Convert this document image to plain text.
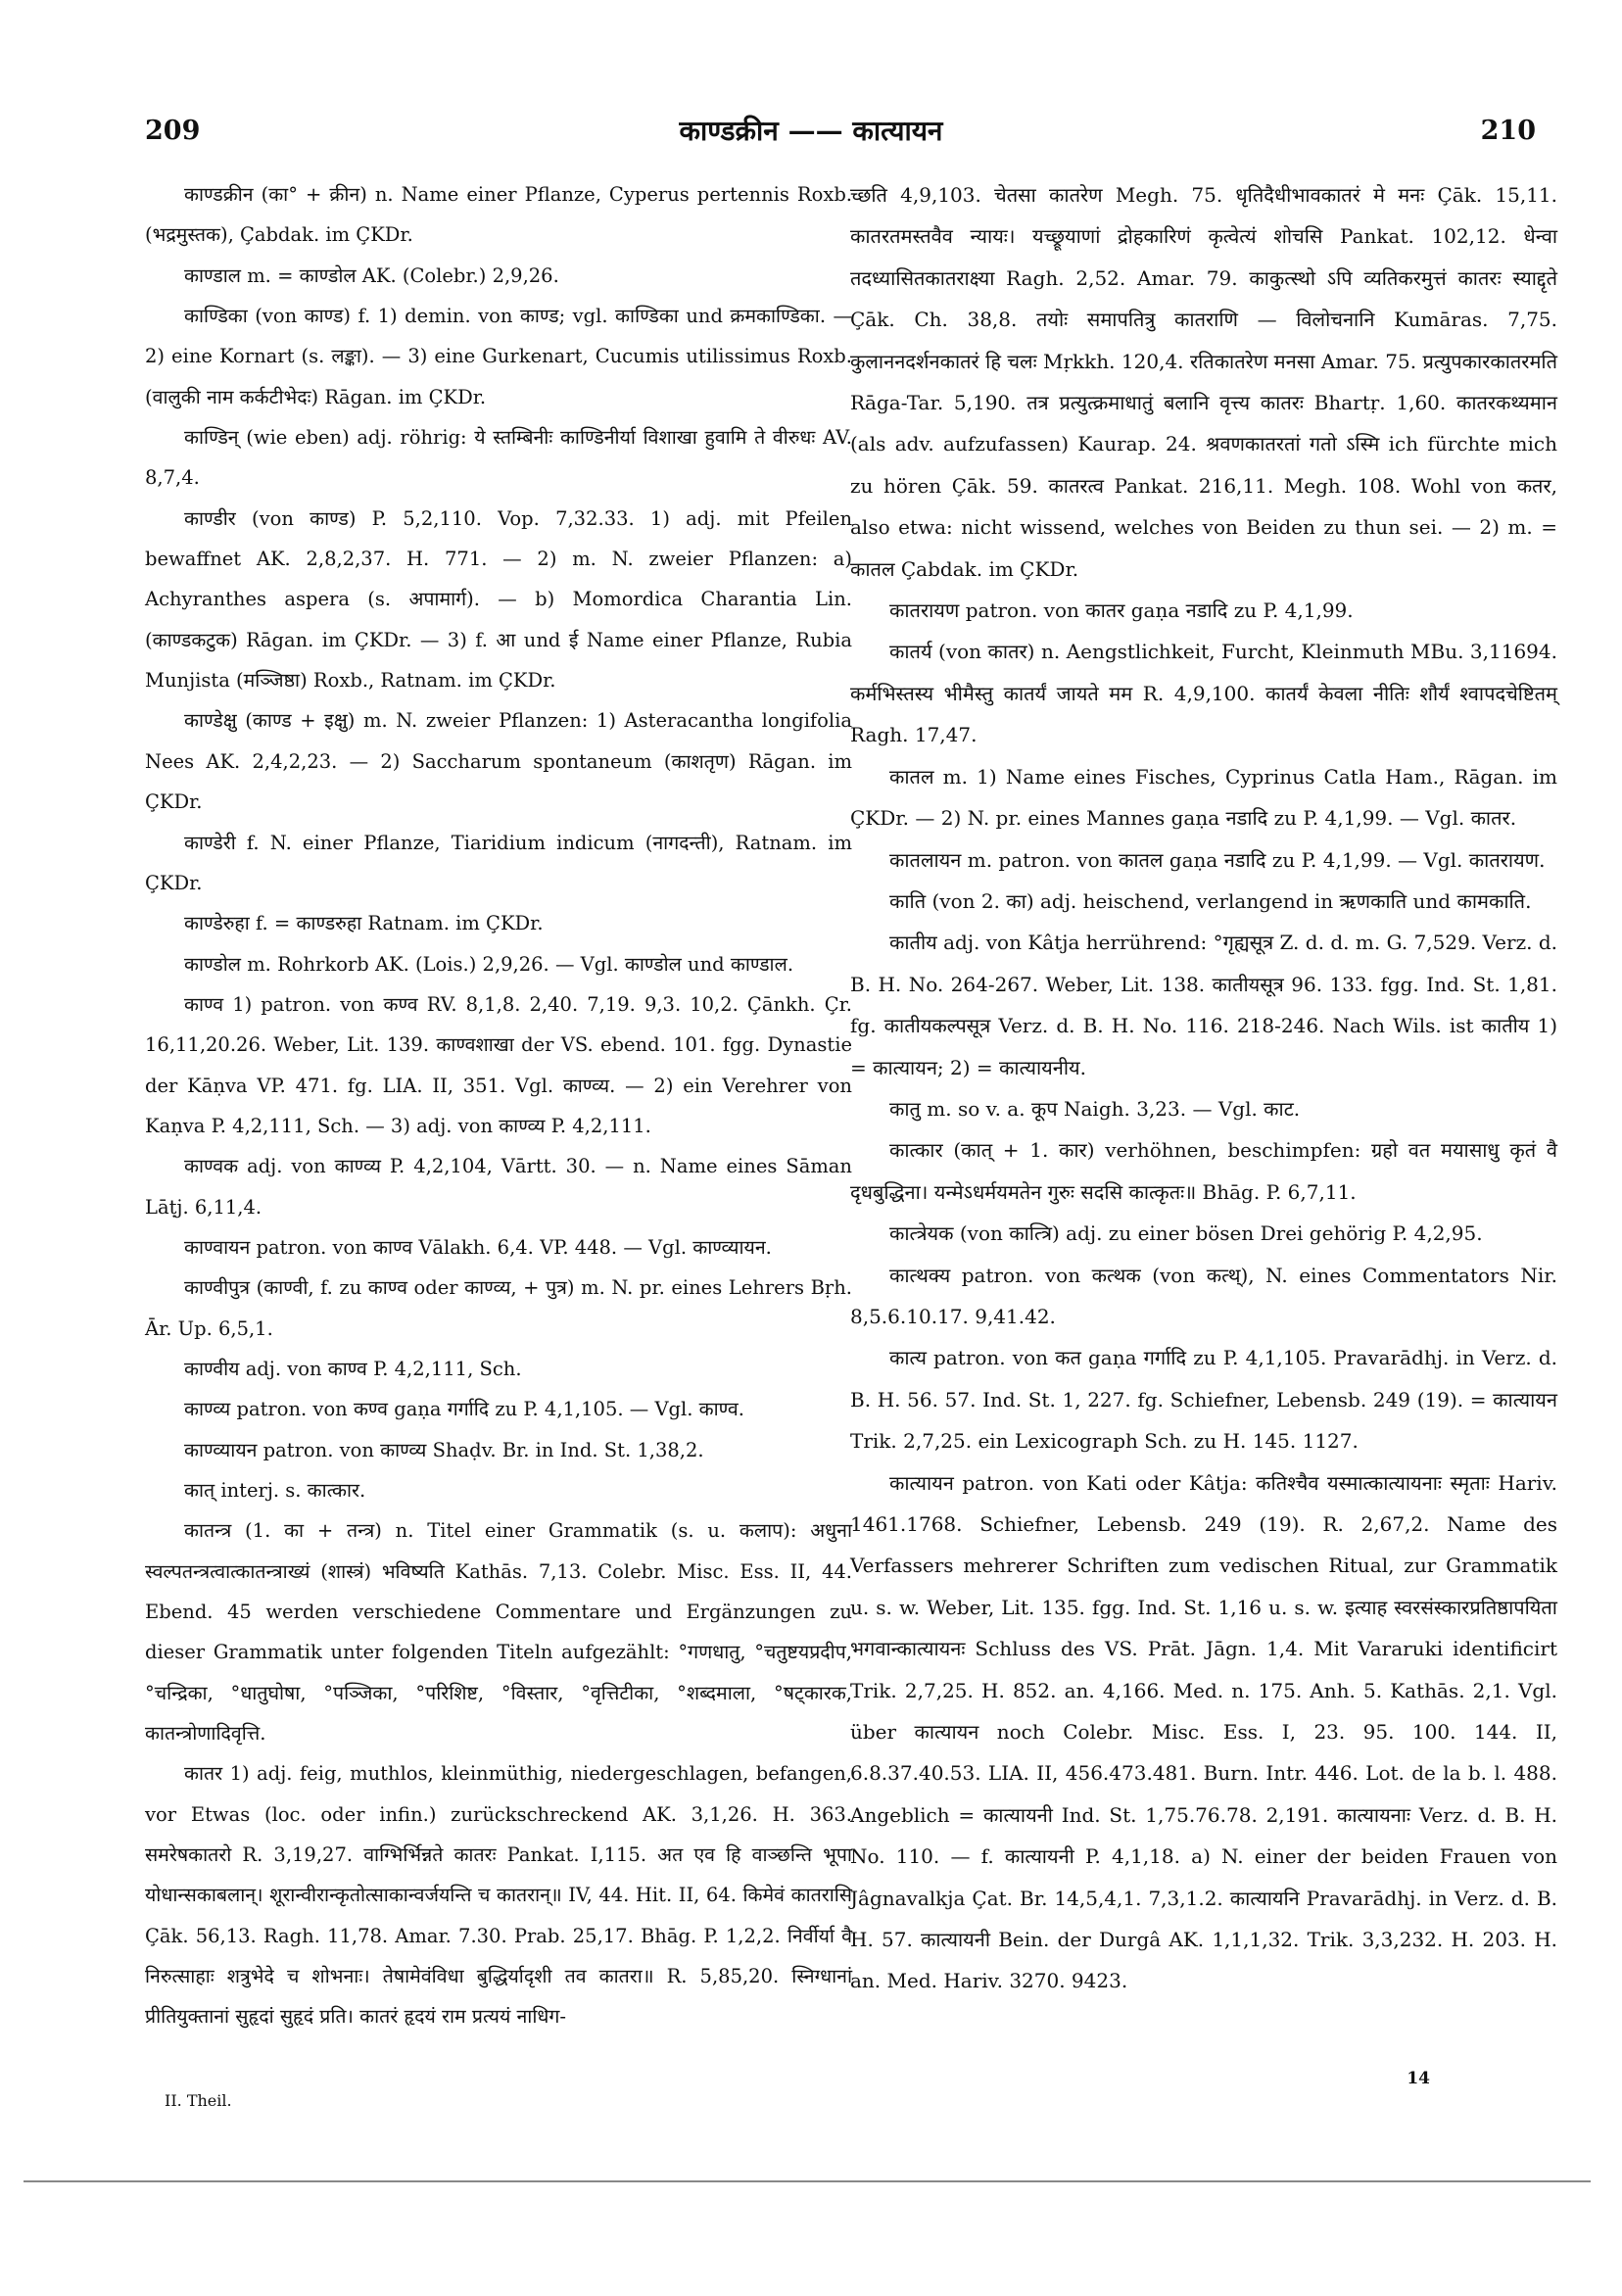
209	काण्डक्रीन —— कात्यायन	210

काण्डक्रीन (का° + क्रीन) n. Name einer Pflanze, Cyperus pertennis Roxb. (भद्रमुस्तक), Çabdak. im ÇKDr.

काण्डाल m. = काण्डोल AK. (Colebr.) 2,9,26.

काण्डिका (von काण्ड) f. 1) demin. von काण्ड; vgl. काण्डिका und क्रमकाण्डिका. — 2) eine Kornart (s. लङ्का). — 3) eine Gurkenart, Cucumis utilissimus Roxb. (वालुकी नाम कर्कटीभेदः) Rāgan. im ÇKDr.

काण्डिन् (wie eben) adj. röhrig: ये स्तम्बिनीः काण्डिनीर्या विशाखा हुवामि ते वीरुधः AV. 8,7,4.

काण्डीर (von काण्ड) P. 5,2,110. Vop. 7,32.33. 1) adj. mit Pfeilen bewaffnet AK. 2,8,2,37. H. 771. — 2) m. N. zweier Pflanzen: a) Achyranthes aspera (s. अपामार्ग). — b) Momordica Charantia Lin. (काण्डकटुक) Rāgan. im ÇKDr. — 3) f. आ und ई Name einer Pflanze, Rubia Munjista (मञ्जिष्ठा) Roxb., Ratnam. im ÇKDr.

काण्डेक्षु (काण्ड + इक्षु) m. N. zweier Pflanzen: 1) Asteracantha longifolia Nees AK. 2,4,2,23. — 2) Saccharum spontaneum (काशतृण) Rāgan. im ÇKDr.

काण्डेरी f. N. einer Pflanze, Tiaridium indicum (नागदन्ती), Ratnam. im ÇKDr.

काण्डेरुहा f. = काण्डरुहा Ratnam. im ÇKDr.

काण्डोल m. Rohrkorb AK. (Lois.) 2,9,26. — Vgl. काण्डोल und काण्डाल.

काण्व 1) patron. von कण्व RV. 8,1,8. 2,40. 7,19. 9,3. 10,2. Çānkh. Çr. 16,11,20.26. Weber, Lit. 139. काण्वशाखा der VS. ebend. 101. fgg. Dynastie der Kāṇva VP. 471. fg. LIA. II, 351. Vgl. काण्व्य. — 2) ein Verehrer von Kaṇva P. 4,2,111, Sch. — 3) adj. von काण्व्य P. 4,2,111.

काण्वक adj. von काण्व्य P. 4,2,104, Vārtt. 30. — n. Name eines Sāman Lāṭj. 6,11,4.

काण्वायन patron. von काण्व Vālakh. 6,4. VP. 448. — Vgl. काण्व्यायन.

काण्वीपुत्र (काण्वी, f. zu काण्व oder काण्व्य, + पुत्र) m. N. pr. eines Lehrers Bṛh. Ār. Up. 6,5,1.

काण्वीय adj. von काण्व P. 4,2,111, Sch.

काण्व्य patron. von कण्व gaṇa गर्गादि zu P. 4,1,105. — Vgl. काण्व.

काण्व्यायन patron. von काण्व्य Shaḍv. Br. in Ind. St. 1,38,2.

कात् interj. s. कात्कार.

कातन्त्र (1. का + तन्त्र) n. Titel einer Grammatik (s. u. कलाप): अधुना स्वल्पतन्त्रत्वात्कातन्त्राख्यं (शास्त्रं) भविष्यति Kathās. 7,13. Colebr. Misc. Ess. II, 44. Ebend. 45 werden verschiedene Commentare und Ergänzungen zu dieser Grammatik unter folgenden Titeln aufgezählt: °गणधातु, °चतुष्टयप्रदीप, °चन्द्रिका, °धातुघोषा, °पञ्जिका, °परिशिष्ट, °विस्तार, °वृत्तिटीका, °शब्दमाला, °षट्कारक, कातन्त्रोणादिवृत्ति.

कातर 1) adj. feig, muthlos, kleinmüthig, niedergeschlagen, befangen, vor Etwas (loc. oder infin.) zurückschreckend AK. 3,1,26. H. 363. समरेषकातरो R. 3,19,27. वाग्भिर्भिन्नते कातरः Pankat. I,115. अत एव हि वाञ्छन्ति भूपा योधान्सकाबलान्। शूरान्वीरान्कृतोत्साकान्वर्जयन्ति च कातरान्॥ IV, 44. Hit. II, 64. किमेवं कातरासि Çāk. 56,13. Ragh. 11,78. Amar. 7.30. Prab. 25,17. Bhāg. P. 1,2,2. निर्वीर्या वै निरुत्साहाः शत्रुभेदे च शोभनाः। तेषामेवंविधा बुद्धिर्यादृशी तव कातरा॥ R. 5,85,20. स्निग्धानां प्रीतियुक्तानां सुहृदां सुहृदं प्रति। कातरं हृदयं राम प्रत्ययं नाधिग-

च्छति 4,9,103. चेतसा कातरेण Megh. 75. धृतिदैधीभावकातरं मे मनः Çāk. 15,11. कातरतमस्तवैव न्यायः। यच्छ्रूयाणां द्रोहकारिणं कृत्वेत्यं शोचसि Pankat. 102,12. धेन्वा तदध्यासितकातराक्ष्या Ragh. 2,52. Amar. 79. काकुत्स्थो ऽपि व्यतिकरमुत्तं कातरः स्याद्दृते Çāk. Ch. 38,8. तयोः समापतित्रु कातराणि — विलोचनानि Kumāras. 7,75. कुलाननदर्शनकातरं हि चलः Mṛkkh. 120,4. रतिकातरेण मनसा Amar. 75. प्रत्युपकारकातरमति Rāga-Tar. 5,190. तत्र प्रत्युत्क्रमाधातुं बलानि वृत्त्य कातरः Bhartṛ. 1,60. कातरकथ्यमान (als adv. aufzufassen) Kaurap. 24. श्रवणकातरतां गतो ऽस्मि ich fürchte mich zu hören Çāk. 59. कातरत्व Pankat. 216,11. Megh. 108. Wohl von कतर, also etwa: nicht wissend, welches von Beiden zu thun sei. — 2) m. = कातल Çabdak. im ÇKDr.

कातरायण patron. von कातर gaṇa नडादि zu P. 4,1,99.

कातर्य (von कातर) n. Aengstlichkeit, Furcht, Kleinmuth MBu. 3,11694. कर्मभिस्तस्य भीमैस्तु कातर्यं जायते मम R. 4,9,100. कातर्यं केवला नीतिः शौर्यं श्वापदचेष्टितम् Ragh. 17,47.

कातल m. 1) Name eines Fisches, Cyprinus Catla Ham., Rāgan. im ÇKDr. — 2) N. pr. eines Mannes gaṇa नडादि zu P. 4,1,99. — Vgl. कातर.

कातलायन m. patron. von कातल gaṇa नडादि zu P. 4,1,99. — Vgl. कातरायण.

काति (von 2. का) adj. heischend, verlangend in ऋणकाति und कामकाति.

कातीय adj. von Kâtja herrührend: °गृह्यसूत्र Z. d. d. m. G. 7,529. Verz. d. B. H. No. 264-267. Weber, Lit. 138. कातीयसूत्र 96. 133. fgg. Ind. St. 1,81. fg. कातीयकल्पसूत्र Verz. d. B. H. No. 116. 218-246. Nach Wils. ist कातीय 1) = कात्यायन; 2) = कात्यायनीय.

कातु m. so v. a. कूप Naigh. 3,23. — Vgl. काट.

कात्कार (कात् + 1. कार) verhöhnen, beschimpfen: ग्रहो वत मयासाधु कृतं वै दृधबुद्धिना। यन्मेऽधर्मयमतेन गुरुः सदसि कात्कृतः॥ Bhāg. P. 6,7,11.

कात्त्रेयक (von कात्त्रि) adj. zu einer bösen Drei gehörig P. 4,2,95.

कात्थक्य patron. von कत्थक (von कत्थ्), N. eines Commentators Nir. 8,5.6.10.17. 9,41.42.

कात्य patron. von कत gaṇa गर्गादि zu P. 4,1,105. Pravarādhj. in Verz. d. B. H. 56. 57. Ind. St. 1, 227. fg. Schiefner, Lebensb. 249 (19). = कात्यायन Trik. 2,7,25. ein Lexicograph Sch. zu H. 145. 1127.

कात्यायन patron. von Kati oder Kâtja: कतिश्चैव यस्मात्कात्यायनाः स्मृताः Hariv. 1461.1768. Schiefner, Lebensb. 249 (19). R. 2,67,2. Name des Verfassers mehrerer Schriften zum vedischen Ritual, zur Grammatik u. s. w. Weber, Lit. 135. fgg. Ind. St. 1,16 u. s. w. इत्याह स्वरसंस्कारप्रतिष्ठापयिता भगवान्कात्यायनः Schluss des VS. Prāt. Jāgn. 1,4. Mit Vararuki identificirt Trik. 2,7,25. H. 852. an. 4,166. Med. n. 175. Anh. 5. Kathās. 2,1. Vgl. über कात्यायन noch Colebr. Misc. Ess. I, 23. 95. 100. 144. II, 6.8.37.40.53. LIA. II, 456.473.481. Burn. Intr. 446. Lot. de la b. l. 488. Angeblich = कात्यायनी Ind. St. 1,75.76.78. 2,191. कात्यायनाः Verz. d. B. H. No. 110. — f. कात्यायनी P. 4,1,18. a) N. einer der beiden Frauen von Jâgnavalkja Çat. Br. 14,5,4,1. 7,3,1.2. कात्यायनि Pravarādhj. in Verz. d. B. H. 57. कात्यायनी Bein. der Durgâ AK. 1,1,1,32. Trik. 3,3,232. H. 203. H. an. Med. Hariv. 3270. 9423.

II. Theil.
14
